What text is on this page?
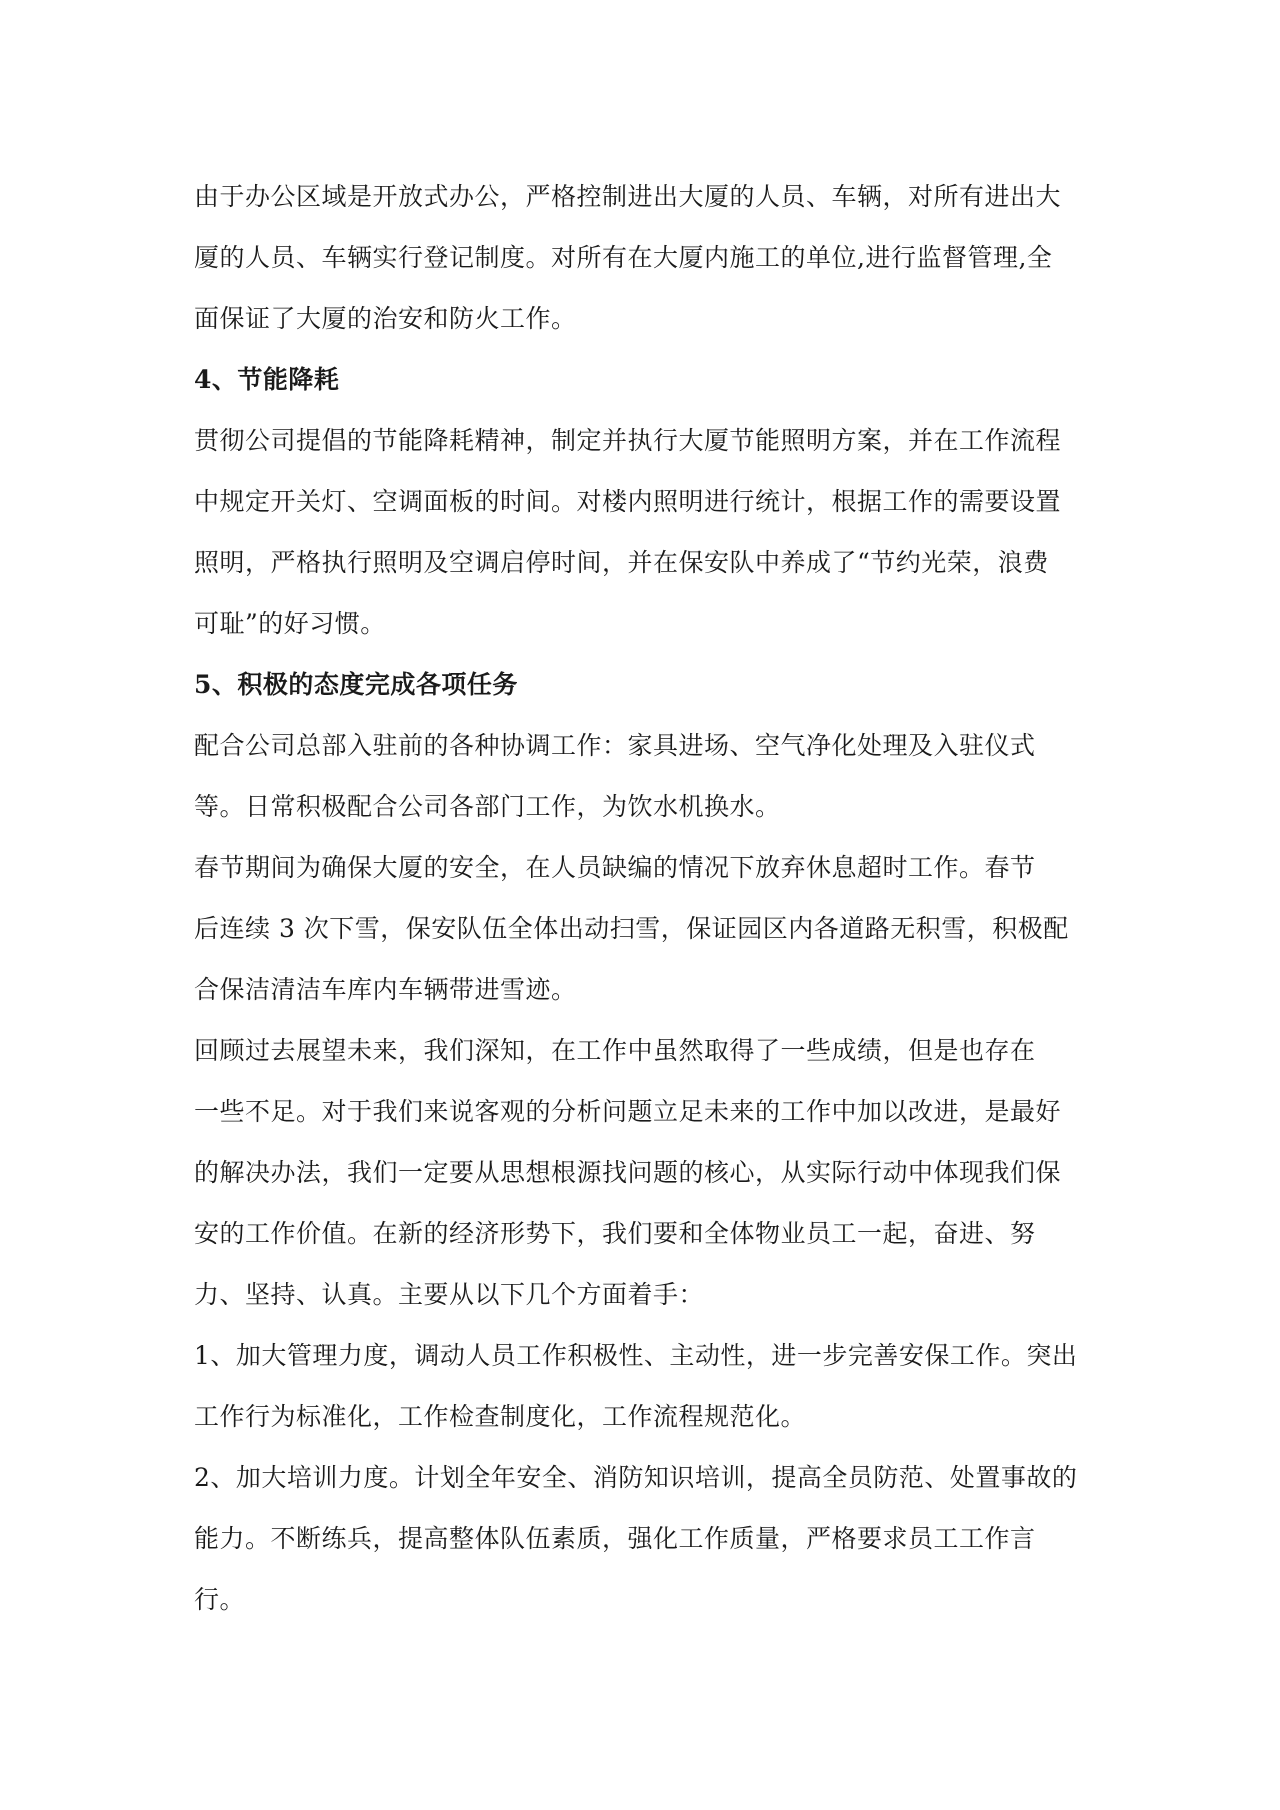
由于办公区域是开放式办公，严格控制进出大厦的人员、车辆，对所有进出大
厦的人员、车辆实行登记制度。对所有在大厦内施工的单位,进行监督管理,全
面保证了大厦的治安和防火工作。
4、节能降耗
贯彻公司提倡的节能降耗精神，制定并执行大厦节能照明方案，并在工作流程
中规定开关灯、空调面板的时间。对楼内照明进行统计，根据工作的需要设置
照明，严格执行照明及空调启停时间，并在保安队中养成了“节约光荣，浪费
可耻”的好习惯。
5、积极的态度完成各项任务
配合公司总部入驻前的各种协调工作：家具进场、空气净化处理及入驻仪式
等。日常积极配合公司各部门工作，为饮水机换水。
春节期间为确保大厦的安全，在人员缺编的情况下放弃休息超时工作。春节
后连续 3 次下雪，保安队伍全体出动扫雪，保证园区内各道路无积雪，积极配
合保洁清洁车库内车辆带进雪迹。
回顾过去展望未来，我们深知，在工作中虽然取得了一些成绩，但是也存在
一些不足。对于我们来说客观的分析问题立足未来的工作中加以改进，是最好
的解决办法，我们一定要从思想根源找问题的核心，从实际行动中体现我们保
安的工作价值。在新的经济形势下，我们要和全体物业员工一起，奋进、努
力、坚持、认真。主要从以下几个方面着手：
1、加大管理力度，调动人员工作积极性、主动性，进一步完善安保工作。突出
工作行为标准化，工作检查制度化，工作流程规范化。
2、加大培训力度。计划全年安全、消防知识培训，提高全员防范、处置事故的
能力。不断练兵，提高整体队伍素质，强化工作质量，严格要求员工工作言
行。
